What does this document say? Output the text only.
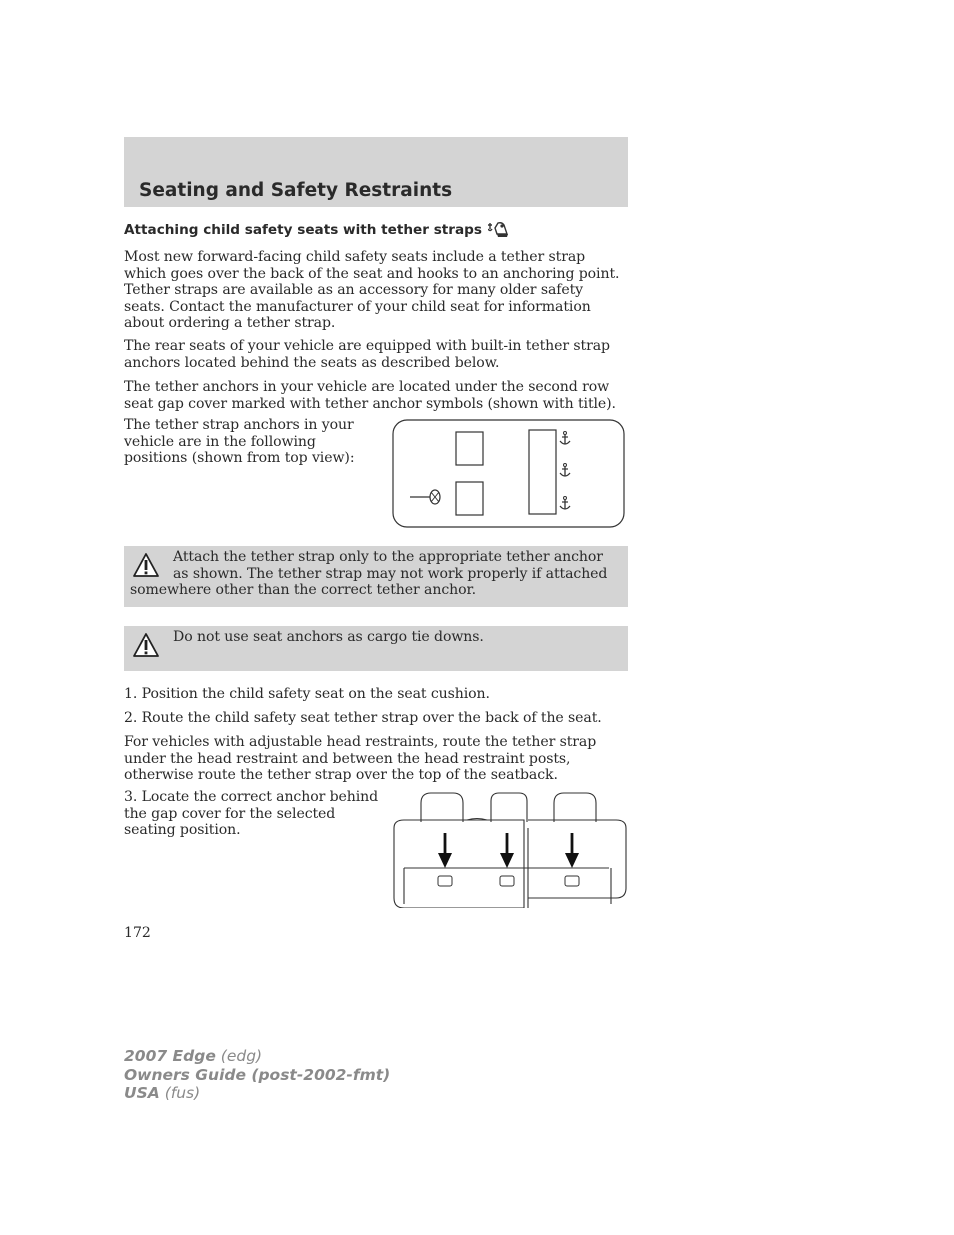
Seating and Safety Restraints
Attaching child safety seats with tether straps

Most new forward-facing child safety seats include a tether strap which goes over the back of the seat and hooks to an anchoring point. Tether straps are available as an accessory for many older safety seats. Contact the manufacturer of your child seat for information about ordering a tether strap.

The rear seats of your vehicle are equipped with built-in tether strap anchors located behind the seats as described below.

The tether anchors in your vehicle are located under the second row seat gap cover marked with tether anchor symbols (shown with title).

The tether strap anchors in your vehicle are in the following positions (shown from top view):

Attach the tether strap only to the appropriate tether anchor as shown. The tether strap may not work properly if attached somewhere other than the correct tether anchor.

Do not use seat anchors as cargo tie downs.

1. Position the child safety seat on the seat cushion.

2. Route the child safety seat tether strap over the back of the seat.

For vehicles with adjustable head restraints, route the tether strap under the head restraint and between the head restraint posts, otherwise route the tether strap over the top of the seatback.

3. Locate the correct anchor behind the gap cover for the selected seating position.

172

2007 Edge (edg)
Owners Guide (post-2002-fmt)
USA (fus)
